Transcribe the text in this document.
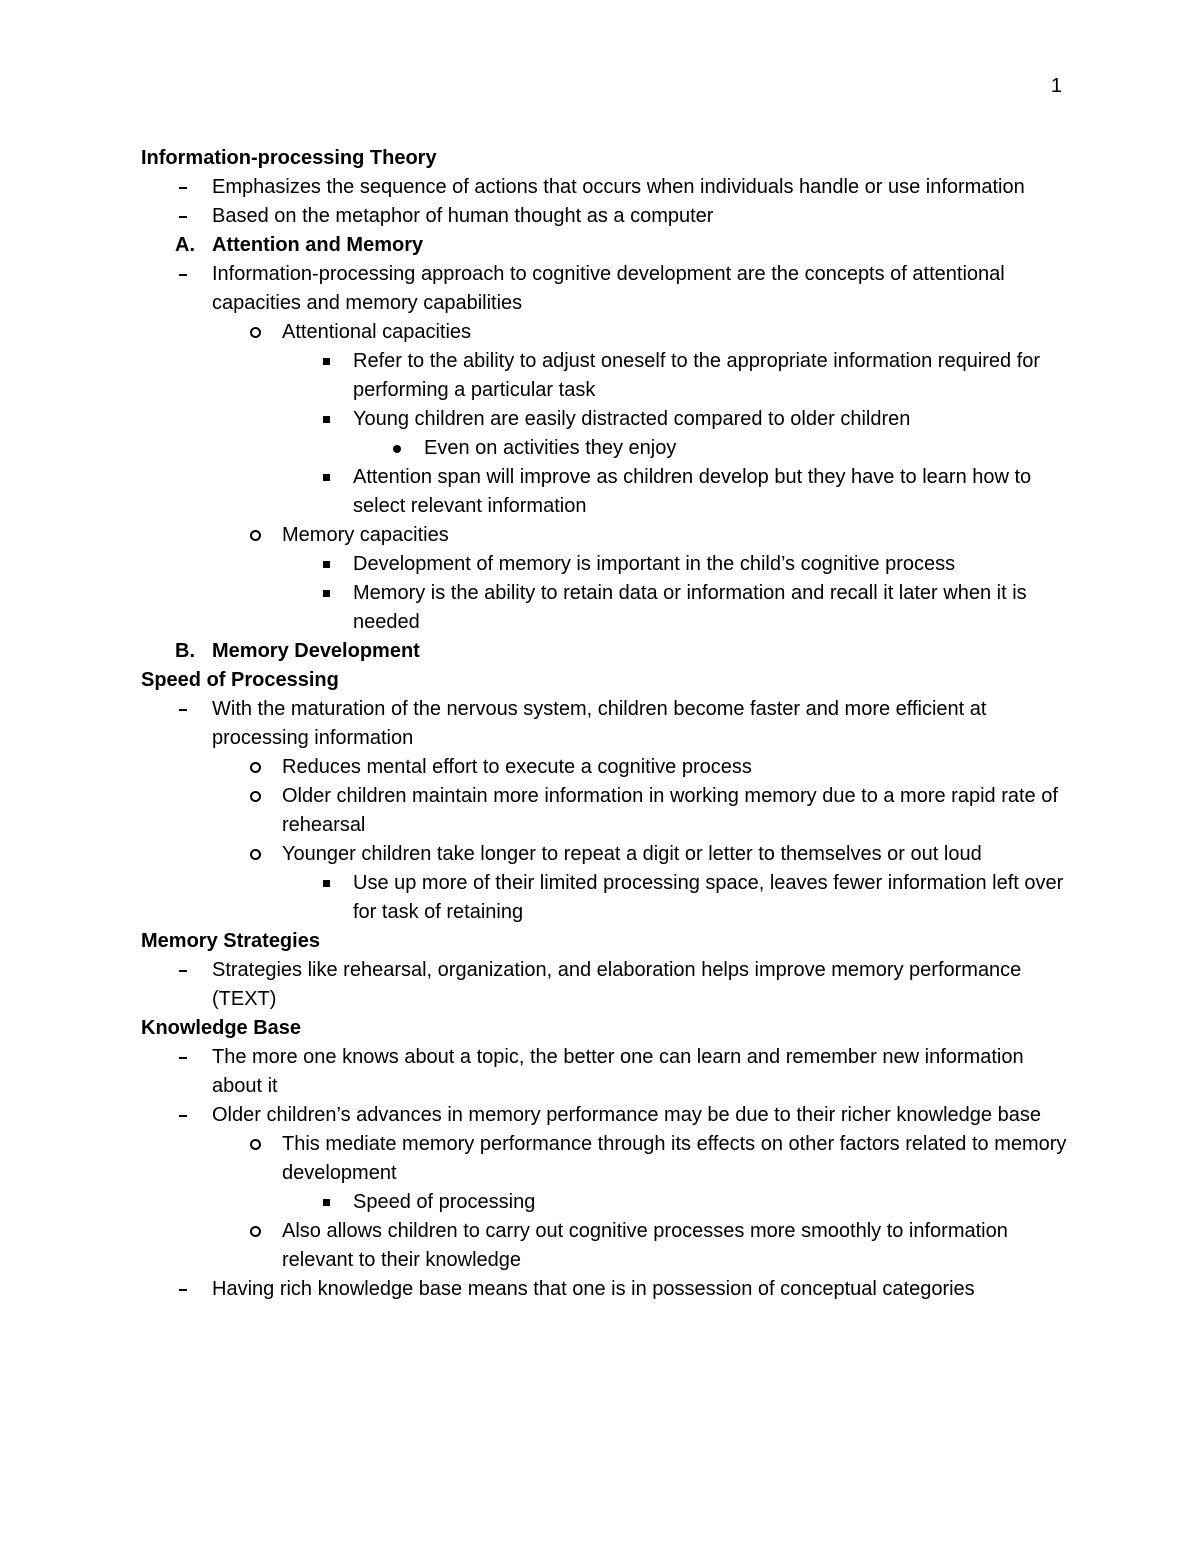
1
Information-processing Theory
Emphasizes the sequence of actions that occurs when individuals handle or use information
Based on the metaphor of human thought as a computer
A. Attention and Memory
Information-processing approach to cognitive development are the concepts of attentional capacities and memory capabilities
Attentional capacities
Refer to the ability to adjust oneself to the appropriate information required for performing a particular task
Young children are easily distracted compared to older children
Even on activities they enjoy
Attention span will improve as children develop but they have to learn how to select relevant information
Memory capacities
Development of memory is important in the child’s cognitive process
Memory is the ability to retain data or information and recall it later when it is needed
B. Memory Development
Speed of Processing
With the maturation of the nervous system, children become faster and more efficient at processing information
Reduces mental effort to execute a cognitive process
Older children maintain more information in working memory due to a more rapid rate of rehearsal
Younger children take longer to repeat a digit or letter to themselves or out loud
Use up more of their limited processing space, leaves fewer information left over for task of retaining
Memory Strategies
Strategies like rehearsal, organization, and elaboration helps improve memory performance (TEXT)
Knowledge Base
The more one knows about a topic, the better one can learn and remember new information about it
Older children’s advances in memory performance may be due to their richer knowledge base
This mediate memory performance through its effects on other factors related to memory development
Speed of processing
Also allows children to carry out cognitive processes more smoothly to information relevant to their knowledge
Having rich knowledge base means that one is in possession of conceptual categories
